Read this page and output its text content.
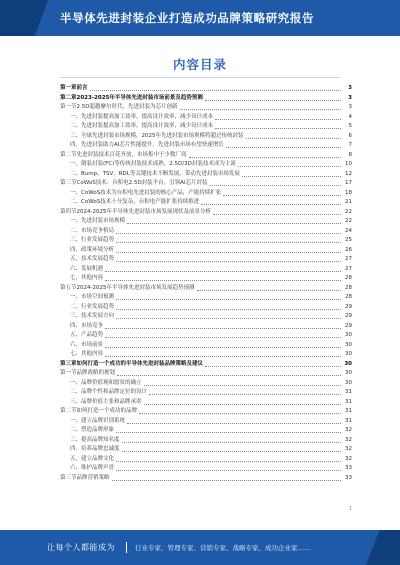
半导体先进封装企业打造成功品牌策略研究报告
内容目录
第一章 前言	3
第二章 2023-2025年半导体先进封装市场前景及趋势预测	3
第一节 2.5D超越摩尔时代，先进封装为芯片创新	3
一、 先进封装提高加工效率，提高设计效率，减少设计成本	4
二、 先进封装提高加工效率，提高设计效率，减少设计成本	5
三、 全球先进封装市场规模，2025年先进封装市场规模将超过传统封装	6
四、 先进封装助力AI芯片性能提升，先进封装市场有望快速增长	7
第二节 先进封装技术百花齐放，市场集中于少数厂商	8
一、 倒装封装(FC)等传统封装技术成熟，2.5D/3D封装技术成为主流	10
二、 Bump、TSV、RDL等关键技术不断发展，带动先进封装市场发展	12
第三节 CoWoS技术：台积电2.5D封装平台，引领AI芯片封装	17
一、 CoWoS技术为台积电先进封装的核心产品，产能持续扩张	18
二、 CoWoS技术十分复杂，台积电产能扩张持续推进	21
第四节 2024-2025年半导体先进封装市场发展现状及前景分析	22
一、 先进封装市场规模	22
二、 市场竞争格局	24
三、 行业发展趋势	25
四、 政策环境分析	26
五、 技术发展趋势	27
六、 发展机遇	27
七、 其他内容	28
第五节 2024-2025年半导体先进封装市场发展趋势预测	28
一、 市场空间预测	28
二、 行业发展趋势	29
三、 技术发展方向	29
四、 市场竞争	29
五、 产品趋势	30
六、 市场前景	30
七、 其他内容	30
第三章 如何打造一个成功的半导体先进封装品牌策略及建议	30
第一节 品牌战略的规划	30
一、 品牌价值观和愿景的确立	30
二、 品牌个性和品牌定位的设计	31
三、 品牌价值主张和品牌承诺	31
第二节 如何打造一个成功的品牌	31
一、 建立品牌识别系统	31
二、 塑造品牌形象	32
三、 提高品牌知名度	32
四、 培养品牌忠诚度	32
五、 建立品牌文化	32
六、 维护品牌声誉	33
第三节 品牌营销策略	33
1
让每个人都能成为	行业专家、管理专家、营销专家、战略专家、成功企业家……
